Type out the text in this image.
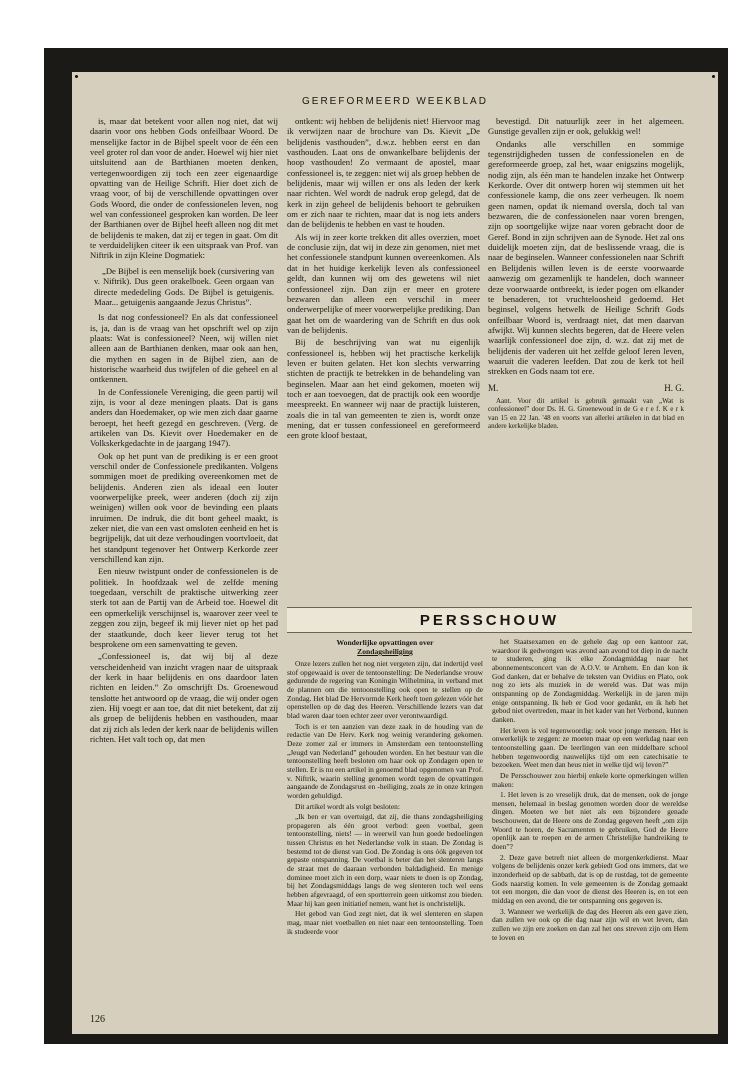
GEREFORMEERD WEEKBLAD

is, maar dat betekent voor allen nog niet, dat wij daarin voor ons hebben Gods onfeilbaar Woord. De menselijke factor in de Bijbel speelt voor de één een veel groter rol dan voor de ander. Hoewel wij hier niet uitsluitend aan de Barthianen moeten denken, vertegenwoordigen zij toch een zeer eigenaardige opvatting van de Heilige Schrift. Hier doet zich de vraag voor, of bij de verschillende opvattingen over Gods Woord, die onder de confessionelen leven, nog wel van confessioneel gesproken kan worden. De leer der Barthianen over de Bijbel heeft alleen nog dit met de belijdenis te maken, dat zij er tegen in gaat. Om dit te verduidelijken citeer ik een uitspraak van Prof. van Niftrik in zijn Kleine Dogmatiek:

„De Bijbel is een menselijk boek (cursivering van v. Niftrik). Dus geen orakelboek. Geen orgaan van directe mededeling Gods. De Bijbel is getuigenis. Maar... getuigenis aangaande Jezus Christus”.

Is dat nog confessioneel? En als dat confessioneel is, ja, dan is de vraag van het opschrift wel op zijn plaats: Wat is confessioneel? Neen, wij willen niet alleen aan de Barthianen denken, maar ook aan hen, die mythen en sagen in de Bijbel zien, aan de historische waarheid dus twijfelen of die geheel en al ontkennen.

In de Confessionele Vereniging, die geen partij wil zijn, is voor al deze meningen plaats. Dat is gans anders dan Hoedemaker, op wie men zich daar gaarne beroept, het heeft gezegd en geschreven. (Verg. de artikelen van Ds. Kievit over Hoedemaker en de Volkskerkgedachte in de jaargang 1947).

Ook op het punt van de prediking is er een groot verschil onder de Confessionele predikanten. Volgens sommigen moet de prediking overeenkomen met de belijdenis. Anderen zien als ideaal een louter voorwerpelijke preek, weer anderen (doch zij zijn weinigen) willen ook voor de bevinding een plaats inruimen. De indruk, die dit bont geheel maakt, is zeker niet, die van een vast omsloten eenheid en het is begrijpelijk, dat uit deze verhoudingen voortvloeit, dat het standpunt tegenover het Ontwerp Kerkorde zeer verschillend kan zijn.

Een nieuw twistpunt onder de confessionelen is de politiek. In hoofdzaak wel de zelfde mening toegedaan, verschilt de praktische uitwerking zeer sterk tot aan de Partij van de Arbeid toe. Hoewel dit een opmerkelijk verschijnsel is, waarover zeer veel te zeggen zou zijn, begeef ik mij liever niet op het pad der staatkunde, doch keer liever terug tot het besprokene om een samenvatting te geven.

„Confessioneel is, dat wij bij al deze verscheidenheid van inzicht vragen naar de uitspraak der kerk in haar belijdenis en ons daardoor laten richten en leiden.” Zo omschrijft Ds. Groenewoud tenslotte het antwoord op de vraag, die wij onder ogen zien. Hij voegt er aan toe, dat dit niet betekent, dat zij als groep de belijdenis hebben en vasthouden, maar dat zij zich als leden der kerk naar de belijdenis willen richten. Het valt toch op, dat men

ontkent: wij hebben de belijdenis niet! Hiervoor mag ik verwijzen naar de brochure van Ds. Kievit „De belijdenis vasthouden”, d.w.z. hebben eerst en dan vasthouden. Laat ons de onwankelbare belijdenis der hoop vasthouden! Zo vermaant de apostel, maar confessioneel is, te zeggen: niet wij als groep hebben de belijdenis, maar wij willen er ons als leden der kerk naar richten. Wel wordt de nadruk erop gelegd, dat de kerk in zijn geheel de belijdenis behoort te gebruiken om er zich naar te richten, maar dat is nog iets anders dan de belijdenis te hebben en vast te houden.

Als wij in zeer korte trekken dit alles overzien, moet de conclusie zijn, dat wij in deze zin genomen, niet met het confessionele standpunt kunnen overeenkomen. Als dat in het huidige kerkelijk leven als confessioneel geldt, dan kunnen wij om des gewetens wil niet confessioneel zijn. Dan zijn er meer en grotere bezwaren dan alleen een verschil in meer onderwerpelijke of meer voorwerpelijke prediking. Dan gaat het om de waardering van de Schrift en dus ook van de belijdenis.

Bij de beschrijving van wat nu eigenlijk confessioneel is, hebben wij het practische kerkelijk leven er buiten gelaten. Het kon slechts verwarring stichten de practijk te betrekken in de behandeling van beginselen. Maar aan het eind gekomen, moeten wij toch er aan toevoegen, dat de practijk ook een woordje meespreekt. En wanneer wij naar de practijk luisteren, zoals die in tal van gemeenten te zien is, wordt onze mening, dat er tussen confessioneel en gereformeerd een grote kloof bestaat,

bevestigd. Dit natuurlijk zeer in het algemeen. Gunstige gevallen zijn er ook, gelukkig wel!

Ondanks alle verschillen en sommige tegenstrijdigheden tussen de confessionelen en de gereformeerde groep, zal het, waar enigszins mogelijk, nodig zijn, als één man te handelen inzake het Ontwerp Kerkorde. Over dit ontwerp horen wij stemmen uit het confessionele kamp, die ons zeer verheugen. Ik noem geen namen, opdat ik niemand oversla, doch tal van bezwaren, die de confessionelen naar voren brengen, zijn op soortgelijke wijze naar voren gebracht door de Geref. Bond in zijn schrijven aan de Synode. Het zal ons duidelijk moeten zijn, dat de beslissende vraag, die is naar de beginselen. Wanneer confessionelen naar Schrift en Belijdenis willen leven is de eerste voorwaarde aanwezig om gezamenlijk te handelen, doch wanneer deze voorwaarde ontbreekt, is ieder pogen om elkander te benaderen, tot vruchteloosheid gedoemd. Het beginsel, volgens hetwelk de Heilige Schrift Gods onfeilbaar Woord is, verdraagt niet, dat men daarvan afwijkt. Wij kunnen slechts begeren, dat de Heere velen waarlijk confessioneel doe zijn, d. w.z. dat zij met de belijdenis der vaderen uit het zelfde geloof leren leven, waaruit die vaderen leefden. Dat zou de kerk tot heil strekken en Gods naam tot ere.

M.	H. G.

Aant. Voor dit artikel is gebruik gemaakt van „Wat is confessioneel” door Ds. H. G. Groenewoud in de G e r e f. K e r k van 15 en 22 Jan. '48 en voorts van allerlei artikelen in dat blad en andere kerkelijke bladen.

PERSSCHOUW
Wonderlijke opvattingen over
Zondagsheiliging

Onze lezers zullen het nog niet vergeten zijn, dat indertijd veel stof opgewaaid is over de tentoonstelling: De Nederlandse vrouw gedurende de regering van Koningin Wilhelmina, in verband met de plannen om die tentoonstelling ook open te stellen op de Zondag. Het blad De Hervormde Kerk heeft toen gelezen vóór het openstellen op de dag des Heeren. Verschillende lezers van dat blad waren daar toen echter zeer over verontwaardigd.

Toch is er ten aanzien van deze zaak in de houding van de redactie van De Herv. Kerk nog weinig verandering gekomen. Deze zomer zal er immers in Amsterdam een tentoonstelling „Jeugd van Nederland” gehouden worden. En het bestuur van die tentoonstelling heeft besloten om haar ook op Zondagen open te stellen. Er is nu een artikel in genoemd blad opgenomen van Prof. v. Niftrik, waarin stelling genomen wordt tegen de opvattingen aangaande de Zondagsrust en -heiliging, zoals ze in onze kringen worden gehuldigd.

Dit artikel wordt als volgt besloten:

„Ik ben er van overtuigd, dat zij, die thans zondagsheiliging propageren als één groot verbod: geen voetbal, geen tentoonstelling, niets! — in weerwil van hun goede bedoelingen tussen Christus en het Nederlandse volk in staan. De Zondag is bestemd tot de dienst van God. De Zondag is ons óók gegeven tot gepaste ontspanning. De voetbal is beter dan het slenteren langs de straat met de daaraan verbonden baldadigheid. En menige dominee moet zich in een dorp, waar niets te doen is op Zondag, bij het Zondagsmiddags langs de weg slenteren toch wel eens hebben afgevraagd, of een sportterrein geen uitkomst zou bieden. Maar hij kan geen initiatief nemen, want het is onchristelijk.

Het gebod van God zegt niet, dat ik wel slenteren en slapen mag, maar niet voetballen en niet naar een tentoonstelling. Toen ik studeerde voor

het Staatsexamen en de gehele dag op een kantoor zat, waardoor ik gedwongen was avond aan avond tot diep in de nacht te studeren, ging ik elke Zondagmiddag naar het abonnementsconcert van de A.O.V. te Arnhem. En dan kon ik God danken, dat er behalve de teksten van Ovidius en Plato, ook nog zo iets als muziek in de wereld was. Dat was mijn ontspanning op de Zondagmiddag. Werkelijk in de jaren mijn enige ontspanning. Ik heb er God voor gedankt, en ik heb het gebod niet overtreden, maar in het kader van het Verbond, kunnen danken.

Het leven is vol tegenwoordig: ook voor jonge mensen. Het is onwerkelijk te zeggen: ze moeten maar op een werkdag naar een tentoonstelling gaan. De leerlingen van een middelbare school hebben tegenwoordig nauwelijks tijd om een catechisatie te bezoeken. Weet men dan heus niet in welke tijd wij leven?”

De Persschouwer zou hierbij enkele korte opmerkingen willen maken:

1. Het leven is zo vreselijk druk, dat de mensen, ook de jonge mensen, helemaal in beslag genomen worden door de wereldse dingen. Moeten we het niet als een bijzondere genade beschouwen, dat de Heere ons de Zondag gegeven heeft „om zijn Woord te horen, de Sacramenten te gebruiken, God de Heere openlijk aan te roepen en de armen Christelijke handreiking te doen”?

2. Deze gave betreft niet alleen de morgenkerkdienst. Maar volgens de belijdenis onzer kerk gebiedt God ons immers, dat we inzonderheid op de sabbath, dat is op de rustdag, tot de gemeente Gods naarstig komen. In vele gemeenten is de Zondag gemaakt tot een morgen, die dan voor de dienst des Heeren is, en tot een middag en een avond, die ter ontspanning ons gegeven is.

3. Wanneer we werkelijk de dag des Heeren als een gave zien, dan zullen we ook op die dag naar zijn wil en wet leven, dan zullen we zijn ere zoeken en dan zal het ons streven zijn om Hem te loven en

126
